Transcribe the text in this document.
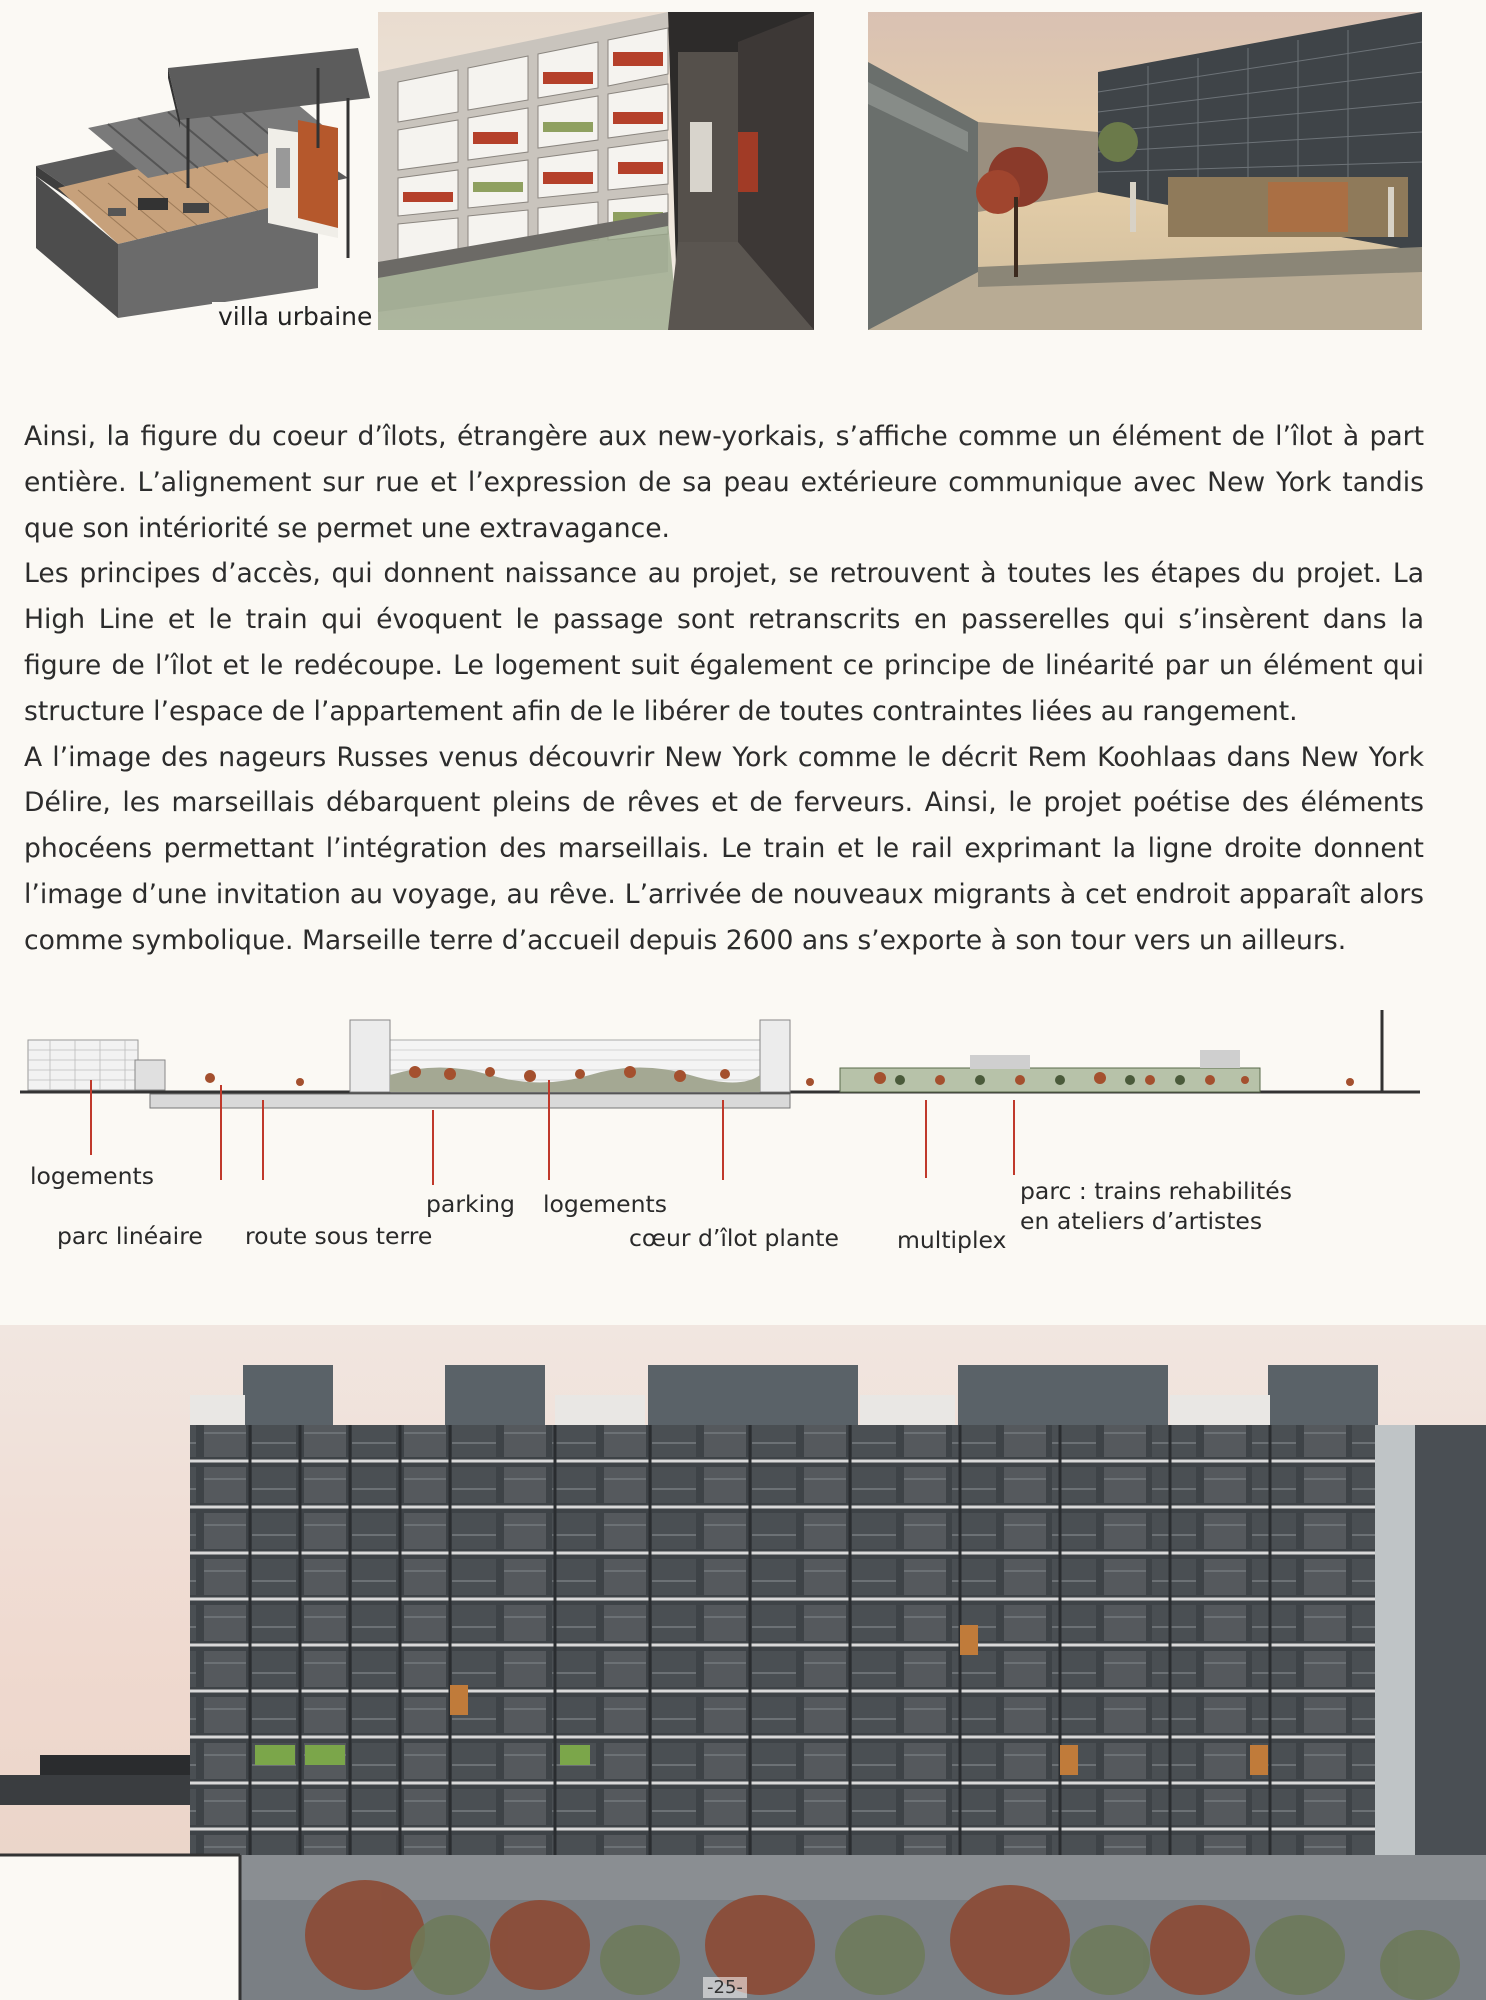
villa urbaine

Ainsi, la figure du coeur d’îlots, étrangère aux new-yorkais, s’affiche comme un élément de l’îlot à part entière. L’alignement sur rue et l’expression de sa peau extérieure communique avec New York tandis que son intériorité se permet une extravagance.

Les principes d’accès, qui donnent naissance au projet, se retrouvent à toutes les étapes du projet. La High Line et le train qui évoquent le passage sont retranscrits en passerelles qui s’insèrent dans la figure de l’îlot et le redécoupe. Le logement suit également ce principe de linéarité par un élément qui structure l’espace de l’appartement afin de le libérer de toutes contraintes liées au rangement.

A l’image des nageurs Russes venus découvrir New York comme le décrit Rem Koohlaas dans New York Délire, les marseillais débarquent pleins de rêves et de ferveurs. Ainsi, le projet poétise des éléments phocéens permettant l’intégration des marseillais. Le train et le rail exprimant la ligne droite donnent l’image d’une invitation au voyage, au rêve. L’arrivée de nouveaux migrants à cet endroit apparaît alors comme symbolique. Marseille terre d’accueil depuis 2600 ans s’exporte à son tour vers un ailleurs.

logements
parc linéaire route sous terre
parking logements
cœur d’îlot plante multiplex
parc : trains rehabilités
en ateliers d’artistes
-25-
